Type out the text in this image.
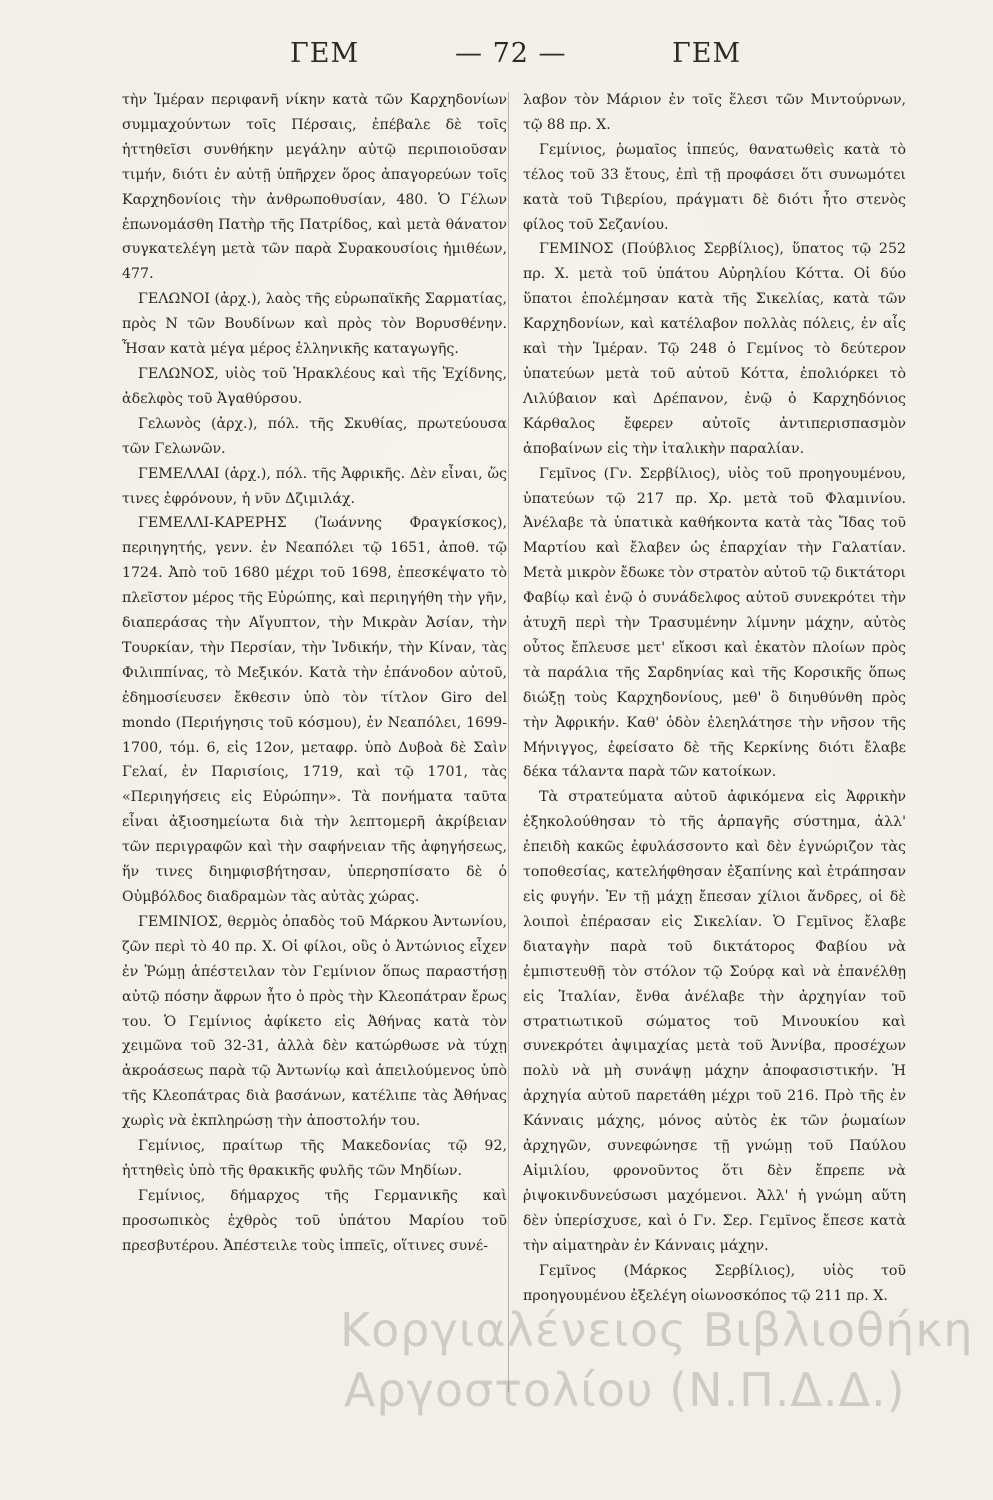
ΓΕΜ	— 72 —	ΓΕΜ

τὴν Ἱμέραν περιφανῆ νίκην κατὰ τῶν Καρχηδονίων συμμαχούντων τοῖς Πέρσαις, ἐπέβαλε δὲ τοῖς ἡττηθεῖσι συνθήκην μεγάλην αὐτῷ περιποιοῦσαν τιμήν, διότι ἐν αὐτῇ ὑπῆρχεν ὅρος ἀπαγορεύων τοῖς Καρχηδονίοις τὴν ἀνθρωποθυσίαν, 480. Ὁ Γέλων ἐπωνομάσθη Πατὴρ τῆς Πατρίδος, καὶ μετὰ θάνατον συγκατελέγη μετὰ τῶν παρὰ Συρακουσίοις ἡμιθέων, 477.

ΓΕΛΩΝΟΙ (ἀρχ.), λαὸς τῆς εὐρωπαϊκῆς Σαρματίας, πρὸς Ν τῶν Βουδίνων καὶ πρὸς τὸν Βορυσθένην. Ἦσαν κατὰ μέγα μέρος ἑλληνικῆς καταγωγῆς.

ΓΕΛΩΝΟΣ, υἱὸς τοῦ Ἡρακλέους καὶ τῆς Ἐχίδνης, ἀδελφὸς τοῦ Ἀγαθύρσου.

Γελωνὸς (ἀρχ.), πόλ. τῆς Σκυθίας, πρωτεύουσα τῶν Γελωνῶν.

ΓΕΜΕΛΛΑΙ (ἀρχ.), πόλ. τῆς Ἀφρικῆς. Δὲν εἶναι, ὥς τινες ἐφρόνουν, ἡ νῦν Δζιμιλάχ.

ΓΕΜΕΛΛΙ-ΚΑΡΕΡΗΣ (Ἰωάννης Φραγκίσκος), περιηγητής, γενν. ἐν Νεαπόλει τῷ 1651, ἀποθ. τῷ 1724. Ἀπὸ τοῦ 1680 μέχρι τοῦ 1698, ἐπεσκέψατο τὸ πλεῖστον μέρος τῆς Εὐρώπης, καὶ περιηγήθη τὴν γῆν, διαπεράσας τὴν Αἴγυπτον, τὴν Μικρὰν Ἀσίαν, τὴν Τουρκίαν, τὴν Περσίαν, τὴν Ἰνδικήν, τὴν Κίναν, τὰς Φιλιππίνας, τὸ Μεξικόν. Κατὰ τὴν ἐπάνοδον αὐτοῦ, ἐδημοσίευσεν ἔκθεσιν ὑπὸ τὸν τίτλον Giro del mondo (Περιήγησις τοῦ κόσμου), ἐν Νεαπόλει, 1699-1700, τόμ. 6, εἰς 12ον, μεταφρ. ὑπὸ Δυβοὰ δὲ Σαὶν Γελαί, ἐν Παρισίοις, 1719, καὶ τῷ 1701, τὰς «Περιηγήσεις εἰς Εὐρώπην». Τὰ πονήματα ταῦτα εἶναι ἀξιοσημείωτα διὰ τὴν λεπτομερῆ ἀκρίβειαν τῶν περιγραφῶν καὶ τὴν σαφήνειαν τῆς ἀφηγήσεως, ἥν τινες διημφισβήτησαν, ὑπερησπίσατο δὲ ὁ Οὐμβόλδος διαδραμὼν τὰς αὐτὰς χώρας.

ΓΕΜΙΝΙΟΣ, θερμὸς ὀπαδὸς τοῦ Μάρκου Ἀντωνίου, ζῶν περὶ τὸ 40 πρ. Χ. Οἱ φίλοι, οὓς ὁ Ἀντώνιος εἶχεν ἐν Ῥώμῃ ἀπέστειλαν τὸν Γεμίνιον ὅπως παραστήσῃ αὐτῷ πόσην ἄφρων ἦτο ὁ πρὸς τὴν Κλεοπάτραν ἔρως του. Ὁ Γεμίνιος ἀφίκετο εἰς Ἀθήνας κατὰ τὸν χειμῶνα τοῦ 32-31, ἀλλὰ δὲν κατώρθωσε νὰ τύχῃ ἀκροάσεως παρὰ τῷ Ἀντωνίῳ καὶ ἀπειλούμενος ὑπὸ τῆς Κλεοπάτρας διὰ βασάνων, κατέλιπε τὰς Ἀθήνας χωρὶς νὰ ἐκπληρώσῃ τὴν ἀποστολήν του.

Γεμίνιος, πραίτωρ τῆς Μακεδονίας τῷ 92, ἡττηθεὶς ὑπὸ τῆς θρακικῆς φυλῆς τῶν Μηδίων.

Γεμίνιος, δήμαρχος τῆς Γερμανικῆς καὶ προσωπικὸς ἐχθρὸς τοῦ ὑπάτου Μαρίου τοῦ πρεσβυτέρου. Ἀπέστειλε τοὺς ἱππεῖς, οἵτινες συνέ-

λαβον τὸν Μάριον ἐν τοῖς ἕλεσι τῶν Μιντούρνων, τῷ 88 πρ. Χ.

Γεμίνιος, ῥωμαῖος ἱππεύς, θανατωθεὶς κατὰ τὸ τέλος τοῦ 33 ἔτους, ἐπὶ τῇ προφάσει ὅτι συνωμότει κατὰ τοῦ Τιβερίου, πράγματι δὲ διότι ἦτο στενὸς φίλος τοῦ Σεζανίου.

ΓΕΜΙΝΟΣ (Πούβλιος Σερβίλιος), ὕπατος τῷ 252 πρ. Χ. μετὰ τοῦ ὑπάτου Αὐρηλίου Κόττα. Οἱ δύο ὕπατοι ἐπολέμησαν κατὰ τῆς Σικελίας, κατὰ τῶν Καρχηδονίων, καὶ κατέλαβον πολλὰς πόλεις, ἐν αἷς καὶ τὴν Ἱμέραν. Τῷ 248 ὁ Γεμίνος τὸ δεύτερον ὑπατεύων μετὰ τοῦ αὐτοῦ Κόττα, ἐπολιόρκει τὸ Λιλύβαιον καὶ Δρέπανον, ἐνῷ ὁ Καρχηδόνιος Κάρθαλος ἔφερεν αὐτοῖς ἀντιπερισπασμὸν ἀποβαίνων εἰς τὴν ἰταλικὴν παραλίαν.

Γεμῖνος (Γν. Σερβίλιος), υἱὸς τοῦ προηγουμένου, ὑπατεύων τῷ 217 πρ. Χρ. μετὰ τοῦ Φλαμινίου. Ἀνέλαβε τὰ ὑπατικὰ καθήκοντα κατὰ τὰς Ἴδας τοῦ Μαρτίου καὶ ἔλαβεν ὡς ἐπαρχίαν τὴν Γαλατίαν. Μετὰ μικρὸν ἔδωκε τὸν στρατὸν αὐτοῦ τῷ δικτάτορι Φαβίῳ καὶ ἐνῷ ὁ συνάδελφος αὐτοῦ συνεκρότει τὴν ἀτυχῆ περὶ τὴν Τρασυμένην λίμνην μάχην, αὐτὸς οὗτος ἔπλευσε μετ' εἴκοσι καὶ ἑκατὸν πλοίων πρὸς τὰ παράλια τῆς Σαρδηνίας καὶ τῆς Κορσικῆς ὅπως διώξῃ τοὺς Καρχηδονίους, μεθ' ὃ διηυθύνθη πρὸς τὴν Ἀφρικήν. Καθ' ὁδὸν ἐλεηλάτησε τὴν νῆσον τῆς Μήνιγγος, ἐφείσατο δὲ τῆς Κερκίνης διότι ἔλαβε δέκα τάλαντα παρὰ τῶν κατοίκων.

Τὰ στρατεύματα αὐτοῦ ἀφικόμενα εἰς Ἀφρικὴν ἐξηκολούθησαν τὸ τῆς ἁρπαγῆς σύστημα, ἀλλ' ἐπειδὴ κακῶς ἐφυλάσσοντο καὶ δὲν ἐγνώριζον τὰς τοποθεσίας, κατελήφθησαν ἐξαπίνης καὶ ἐτράπησαν εἰς φυγήν. Ἐν τῇ μάχῃ ἔπεσαν χίλιοι ἄνδρες, οἱ δὲ λοιποὶ ἐπέρασαν εἰς Σικελίαν. Ὁ Γεμῖνος ἔλαβε διαταγὴν παρὰ τοῦ δικτάτορος Φαβίου νὰ ἐμπιστευθῇ τὸν στόλον τῷ Σούρᾳ καὶ νὰ ἐπανέλθῃ εἰς Ἰταλίαν, ἔνθα ἀνέλαβε τὴν ἀρχηγίαν τοῦ στρατιωτικοῦ σώματος τοῦ Μινουκίου καὶ συνεκρότει ἀψιμαχίας μετὰ τοῦ Ἀννίβα, προσέχων πολὺ νὰ μὴ συνάψῃ μάχην ἀποφασιστικήν. Ἡ ἀρχηγία αὐτοῦ παρετάθη μέχρι τοῦ 216. Πρὸ τῆς ἐν Κάνναις μάχης, μόνος αὐτὸς ἐκ τῶν ῥωμαίων ἀρχηγῶν, συνεφώνησε τῇ γνώμῃ τοῦ Παύλου Αἰμιλίου, φρονοῦντος ὅτι δὲν ἔπρεπε νὰ ῥιψοκινδυνεύσωσι μαχόμενοι. Ἀλλ' ἡ γνώμη αὕτη δὲν ὑπερίσχυσε, καὶ ὁ Γν. Σερ. Γεμῖνος ἔπεσε κατὰ τὴν αἱματηρὰν ἐν Κάνναις μάχην.

Γεμῖνος (Μάρκος Σερβίλιος), υἱὸς τοῦ προηγουμένου ἐξελέγη οἰωνοσκόπος τῷ 211 πρ. Χ.

Κοργιαλένειος Βιβλιοθήκη
Αργοστολίου (Ν.Π.Δ.Δ.)
